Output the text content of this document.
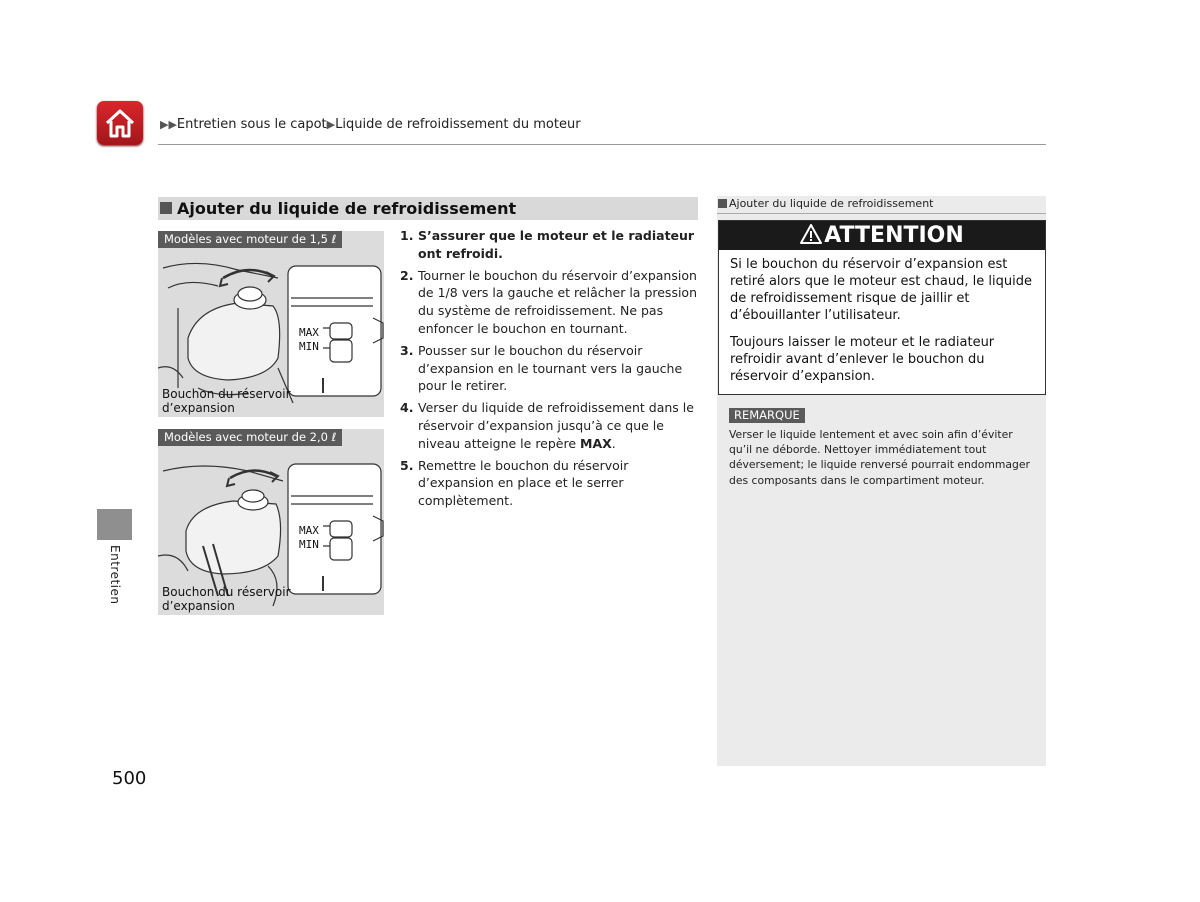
▶▶Entretien sous le capot▶Liquide de refroidissement du moteur
Entretien
500
Ajouter du liquide de refroidissement
Modèles avec moteur de 1,5 ℓ
MAX
MIN
Bouchon du réservoir d’expansion
Modèles avec moteur de 2,0 ℓ
MAX
MIN
Bouchon du réservoir d’expansion
1. S’assurer que le moteur et le radiateur ont refroidi.
2. Tourner le bouchon du réservoir d’expansion de 1/8 vers la gauche et relâcher la pression du système de refroidissement. Ne pas enfoncer le bouchon en tournant.
3. Pousser sur le bouchon du réservoir d’expansion en le tournant vers la gauche pour le retirer.
4. Verser du liquide de refroidissement dans le réservoir d’expansion jusqu’à ce que le niveau atteigne le repère MAX.
5. Remettre le bouchon du réservoir d’expansion en place et le serrer complètement.
Ajouter du liquide de refroidissement
ATTENTION
Si le bouchon du réservoir d’expansion est retiré alors que le moteur est chaud, le liquide de refroidissement risque de jaillir et d’ébouillanter l’utilisateur.
Toujours laisser le moteur et le radiateur refroidir avant d’enlever le bouchon du réservoir d’expansion.
REMARQUE
Verser le liquide lentement et avec soin afin d’éviter qu’il ne déborde. Nettoyer immédiatement tout déversement; le liquide renversé pourrait endommager des composants dans le compartiment moteur.
